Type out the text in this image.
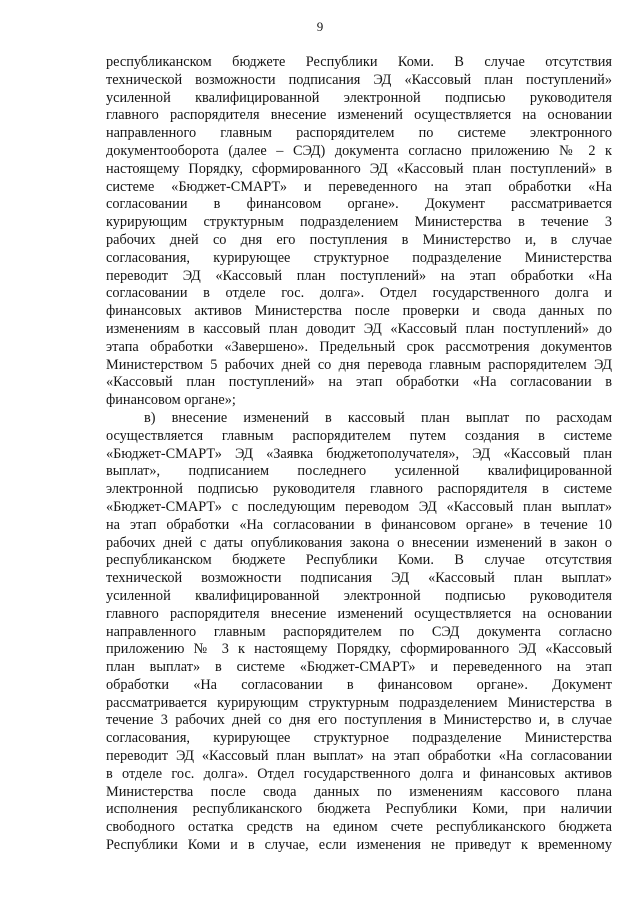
9
республиканском бюджете Республики Коми. В случае отсутствия
технической возможности подписания ЭД «Кассовый план поступлений»
усиленной квалифицированной электронной подписью руководителя
главного распорядителя внесение изменений осуществляется на основании
направленного главным распорядителем по системе электронного
документооборота (далее – СЭД) документа согласно приложению № 2 к
настоящему Порядку, сформированного ЭД «Кассовый план поступлений» в
системе «Бюджет-СМАРТ» и переведенного на этап обработки «На
согласовании в финансовом органе». Документ рассматривается
курирующим структурным подразделением Министерства в течение 3
рабочих дней со дня его поступления в Министерство и, в случае
согласования, курирующее структурное подразделение Министерства
переводит ЭД «Кассовый план поступлений» на этап обработки «На
согласовании в отделе гос. долга». Отдел государственного долга и
финансовых активов Министерства после проверки и свода данных по
изменениям в кассовый план доводит ЭД «Кассовый план поступлений» до
этапа обработки «Завершено». Предельный срок рассмотрения документов
Министерством 5 рабочих дней со дня перевода главным распорядителем ЭД
«Кассовый план поступлений» на этап обработки «На согласовании в
финансовом органе»;
в) внесение изменений в кассовый план выплат по расходам
осуществляется главным распорядителем путем создания в системе
«Бюджет-СМАРТ» ЭД «Заявка бюджетополучателя», ЭД «Кассовый план
выплат», подписанием последнего усиленной квалифицированной
электронной подписью руководителя главного распорядителя в системе
«Бюджет-СМАРТ» с последующим переводом ЭД «Кассовый план выплат»
на этап обработки «На согласовании в финансовом органе» в течение 10
рабочих дней с даты опубликования закона о внесении изменений в закон о
республиканском бюджете Республики Коми. В случае отсутствия
технической возможности подписания ЭД «Кассовый план выплат»
усиленной квалифицированной электронной подписью руководителя
главного распорядителя внесение изменений осуществляется на основании
направленного главным распорядителем по СЭД документа согласно
приложению № 3 к настоящему Порядку, сформированного ЭД «Кассовый
план выплат» в системе «Бюджет-СМАРТ» и переведенного на этап
обработки «На согласовании в финансовом органе». Документ
рассматривается курирующим структурным подразделением Министерства в
течение 3 рабочих дней со дня его поступления в Министерство и, в случае
согласования, курирующее структурное подразделение Министерства
переводит ЭД «Кассовый план выплат» на этап обработки «На согласовании
в отделе гос. долга». Отдел государственного долга и финансовых активов
Министерства после свода данных по изменениям кассового плана
исполнения республиканского бюджета Республики Коми, при наличии
свободного остатка средств на едином счете республиканского бюджета
Республики Коми и в случае, если изменения не приведут к временному
